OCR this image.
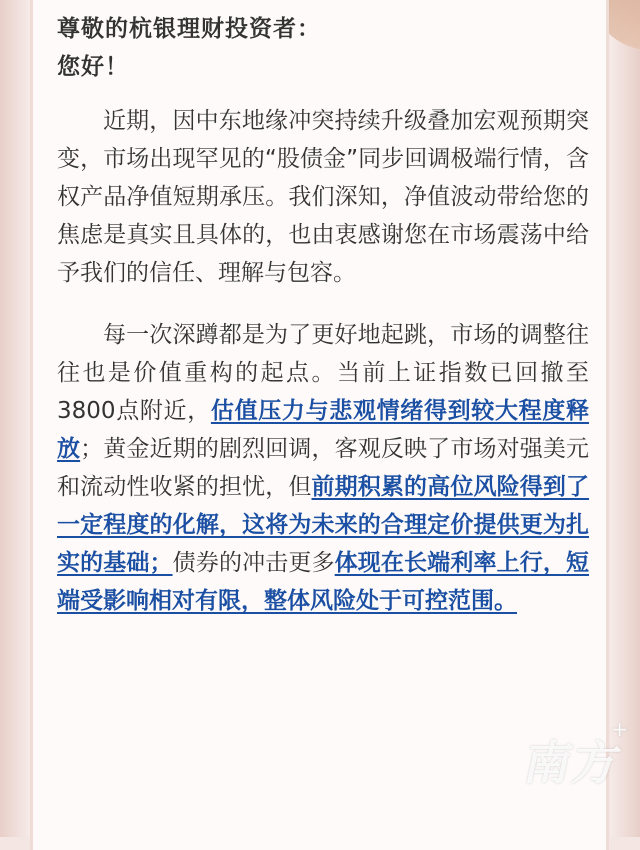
尊敬的杭银理财投资者：
您好！

近期，因中东地缘冲突持续升级叠加宏观预期突变，市场出现罕见的“股债金”同步回调极端行情，含权产品净值短期承压。我们深知，净值波动带给您的焦虑是真实且具体的，也由衷感谢您在市场震荡中给予我们的信任、理解与包容。

每一次深蹲都是为了更好地起跳，市场的调整往往也是价值重构的起点。当前上证指数已回撤至3800点附近，估值压力与悲观情绪得到较大程度释放；黄金近期的剧烈回调，客观反映了市场对强美元和流动性收紧的担忧，但前期积累的高位风险得到了一定程度的化解，这将为未来的合理定价提供更为扎实的基础；债券的冲击更多体现在长端利率上行，短端受影响相对有限，整体风险处于可控范围。

南方
+
